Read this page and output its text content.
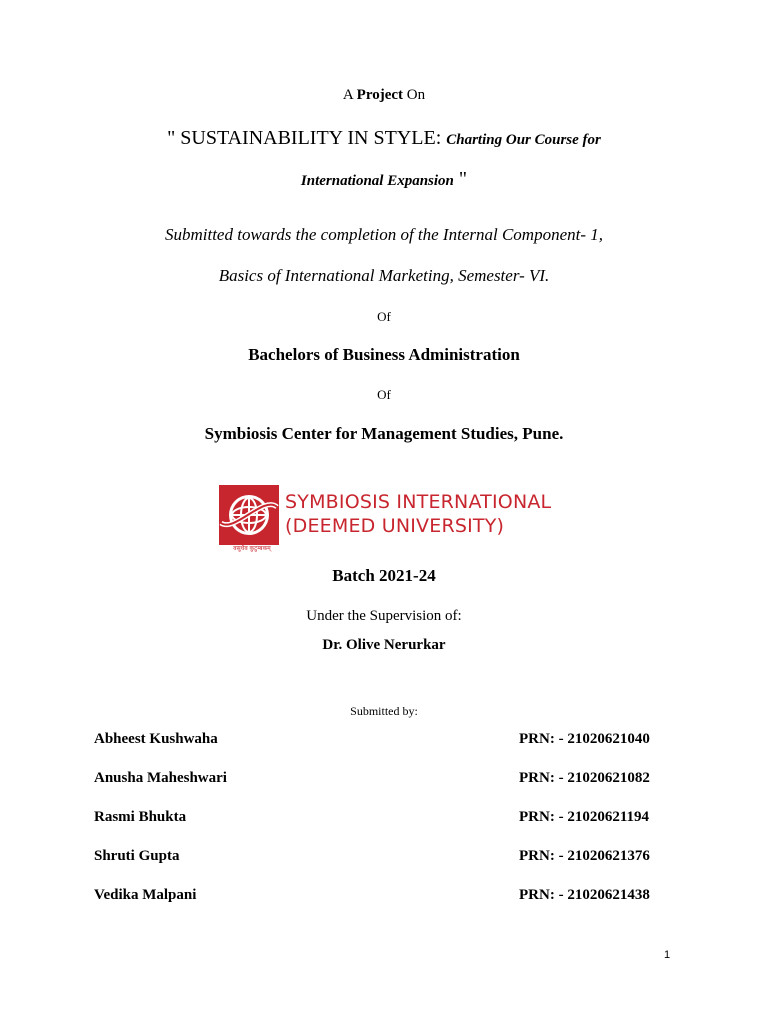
A Project On
" SUSTAINABILITY IN STYLE: Charting Our Course for
International Expansion "
Submitted towards the completion of the Internal Component- 1,
Basics of International Marketing, Semester- VI.
Of
Bachelors of Business Administration
Of
Symbiosis Center for Management Studies, Pune.
SYMBIOSIS INTERNATIONAL
(DEEMED UNIVERSITY)
वसुधैव कुटुम्बकम्
Batch 2021-24
Under the Supervision of:
Dr. Olive Nerurkar
Submitted by:
Abheest Kushwaha	PRN: - 21020621040
Anusha Maheshwari	PRN: - 21020621082
Rasmi Bhukta	PRN: - 21020621194
Shruti Gupta	PRN: - 21020621376
Vedika Malpani	PRN: - 21020621438
1
